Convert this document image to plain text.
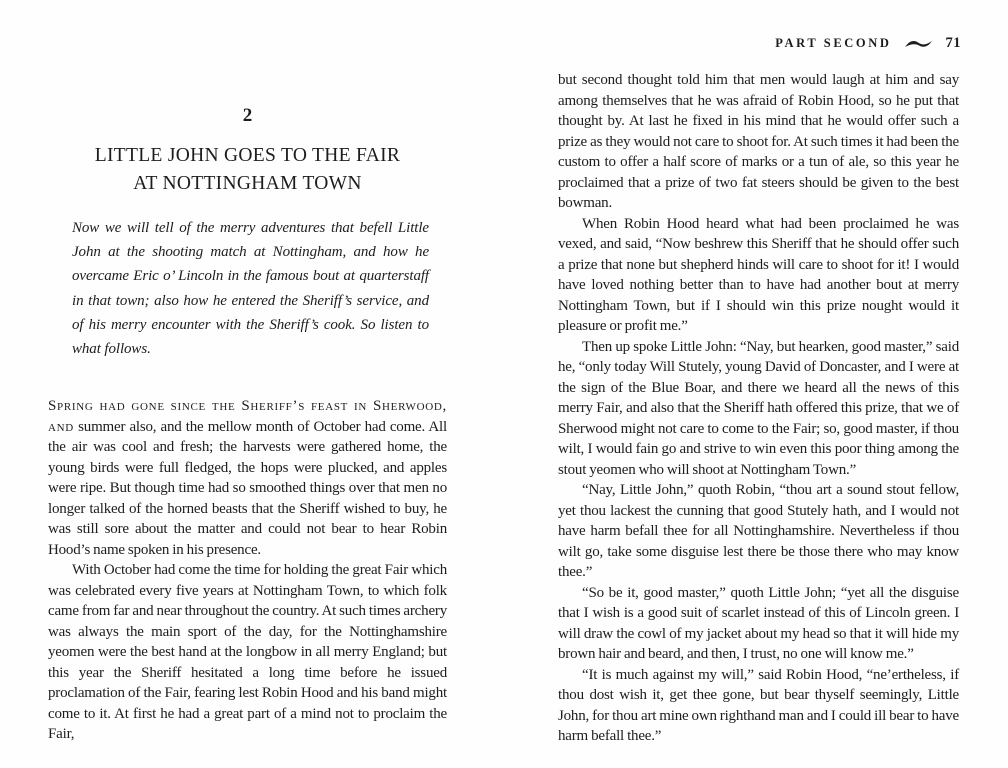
PART SECOND	71
2
LITTLE JOHN GOES TO THE FAIR
AT NOTTINGHAM TOWN

Now we will tell of the merry adventures that befell Little John at the shooting match at Nottingham, and how he overcame Eric o’ Lincoln in the famous bout at quarterstaff in that town; also how he entered the Sheriff’s service, and of his merry encounter with the Sheriff’s cook. So listen to what follows.

Spring had gone since the Sheriff’s feast in Sherwood, and summer also, and the mellow month of October had come. All the air was cool and fresh; the harvests were gathered home, the young birds were full fledged, the hops were plucked, and apples were ripe. But though time had so smoothed things over that men no longer talked of the horned beasts that the Sheriff wished to buy, he was still sore about the matter and could not bear to hear Robin Hood’s name spoken in his presence.

With October had come the time for holding the great Fair which was celebrated every five years at Nottingham Town, to which folk came from far and near throughout the country. At such times archery was always the main sport of the day, for the Nottinghamshire yeomen were the best hand at the longbow in all merry England; but this year the Sheriff hesitated a long time before he issued proclamation of the Fair, fearing lest Robin Hood and his band might come to it. At first he had a great part of a mind not to proclaim the Fair,

but second thought told him that men would laugh at him and say among themselves that he was afraid of Robin Hood, so he put that thought by. At last he fixed in his mind that he would offer such a prize as they would not care to shoot for. At such times it had been the custom to offer a half score of marks or a tun of ale, so this year he proclaimed that a prize of two fat steers should be given to the best bowman.

When Robin Hood heard what had been proclaimed he was vexed, and said, “Now beshrew this Sheriff that he should offer such a prize that none but shepherd hinds will care to shoot for it! I would have loved nothing better than to have had another bout at merry Nottingham Town, but if I should win this prize nought would it pleasure or profit me.”

Then up spoke Little John: “Nay, but hearken, good master,” said he, “only today Will Stutely, young David of Doncaster, and I were at the sign of the Blue Boar, and there we heard all the news of this merry Fair, and also that the Sheriff hath offered this prize, that we of Sherwood might not care to come to the Fair; so, good master, if thou wilt, I would fain go and strive to win even this poor thing among the stout yeomen who will shoot at Nottingham Town.”

“Nay, Little John,” quoth Robin, “thou art a sound stout fellow, yet thou lackest the cunning that good Stutely hath, and I would not have harm befall thee for all Nottinghamshire. Nevertheless if thou wilt go, take some disguise lest there be those there who may know thee.”

“So be it, good master,” quoth Little John; “yet all the disguise that I wish is a good suit of scarlet instead of this of Lincoln green. I will draw the cowl of my jacket about my head so that it will hide my brown hair and beard, and then, I trust, no one will know me.”

“It is much against my will,” said Robin Hood, “ne’ertheless, if thou dost wish it, get thee gone, but bear thyself seemingly, Little John, for thou art mine own righthand man and I could ill bear to have harm befall thee.”
